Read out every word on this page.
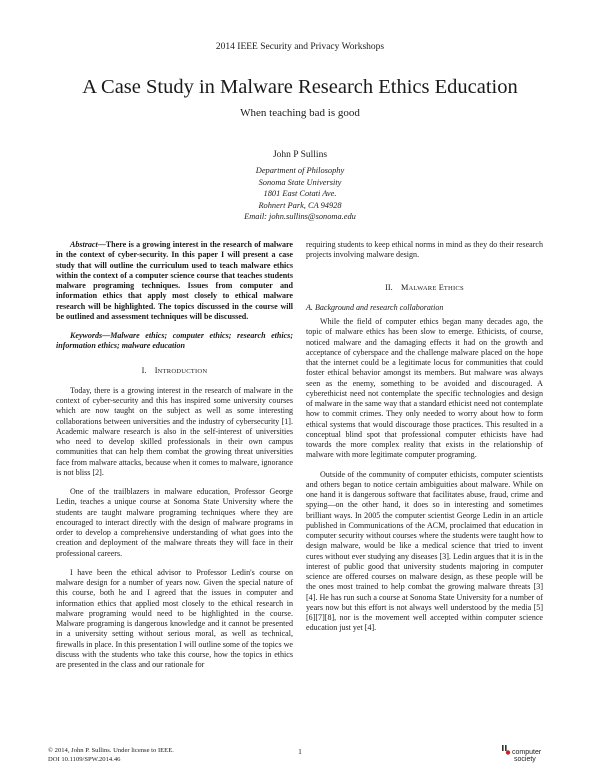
2014 IEEE Security and Privacy Workshops
A Case Study in Malware Research Ethics Education
When teaching bad is good
John P Sullins
Department of Philosophy
Sonoma State University
1801 East Cotati Ave.
Rohnert Park, CA 94928
Email: john.sullins@sonoma.edu

Abstract—There is a growing interest in the research of malware in the context of cyber-security. In this paper I will present a case study that will outline the curriculum used to teach malware ethics within the context of a computer science course that teaches students malware programing techniques. Issues from computer and information ethics that apply most closely to ethical malware research will be highlighted. The topics discussed in the course will be outlined and assessment techniques will be discussed.

Keywords—Malware ethics; computer ethics; research ethics; information ethics; malware education

I. INTRODUCTION

Today, there is a growing interest in the research of malware in the context of cyber-security and this has inspired some university courses which are now taught on the subject as well as some interesting collaborations between universities and the industry of cybersecurity [1]. Academic malware research is also in the self-interest of universities who need to develop skilled professionals in their own campus communities that can help them combat the growing threat universities face from malware attacks, because when it comes to malware, ignorance is not bliss [2].

One of the trailblazers in malware education, Professor George Ledin, teaches a unique course at Sonoma State University where the students are taught malware programing techniques where they are encouraged to interact directly with the design of malware programs in order to develop a comprehensive understanding of what goes into the creation and deployment of the malware threats they will face in their professional careers.

I have been the ethical advisor to Professor Ledin's course on malware design for a number of years now. Given the special nature of this course, both he and I agreed that the issues in computer and information ethics that applied most closely to the ethical research in malware programing would need to be highlighted in the course. Malware programing is dangerous knowledge and it cannot be presented in a university setting without serious moral, as well as technical, firewalls in place. In this presentation I will outline some of the topics we discuss with the students who take this course, how the topics in ethics are presented in the class and our rationale for

requiring students to keep ethical norms in mind as they do their research projects involving malware design.

II. MALWARE ETHICS

A. Background and research collaboration

While the field of computer ethics began many decades ago, the topic of malware ethics has been slow to emerge. Ethicists, of course, noticed malware and the damaging effects it had on the growth and acceptance of cyberspace and the challenge malware placed on the hope that the internet could be a legitimate locus for communities that could foster ethical behavior amongst its members. But malware was always seen as the enemy, something to be avoided and discouraged. A cyberethicist need not contemplate the specific technologies and design of malware in the same way that a standard ethicist need not contemplate how to commit crimes. They only needed to worry about how to form ethical systems that would discourage those practices. This resulted in a conceptual blind spot that professional computer ethicists have had towards the more complex reality that exists in the relationship of malware with more legitimate computer programing.

Outside of the community of computer ethicists, computer scientists and others began to notice certain ambiguities about malware. While on one hand it is dangerous software that facilitates abuse, fraud, crime and spying—on the other hand, it does so in interesting and sometimes brilliant ways. In 2005 the computer scientist George Ledin in an article published in Communications of the ACM, proclaimed that education in computer security without courses where the students were taught how to design malware, would be like a medical science that tried to invent cures without ever studying any diseases [3]. Ledin argues that it is in the interest of public good that university students majoring in computer science are offered courses on malware design, as these people will be the ones most trained to help combat the growing malware threats [3] [4]. He has run such a course at Sonoma State University for a number of years now but this effort is not always well understood by the media [5][6][7][8], nor is the movement well accepted within computer science education just yet [4].

© 2014, John P. Sullins. Under license to IEEE.
DOI 10.1109/SPW.2014.46
1	computer
society
